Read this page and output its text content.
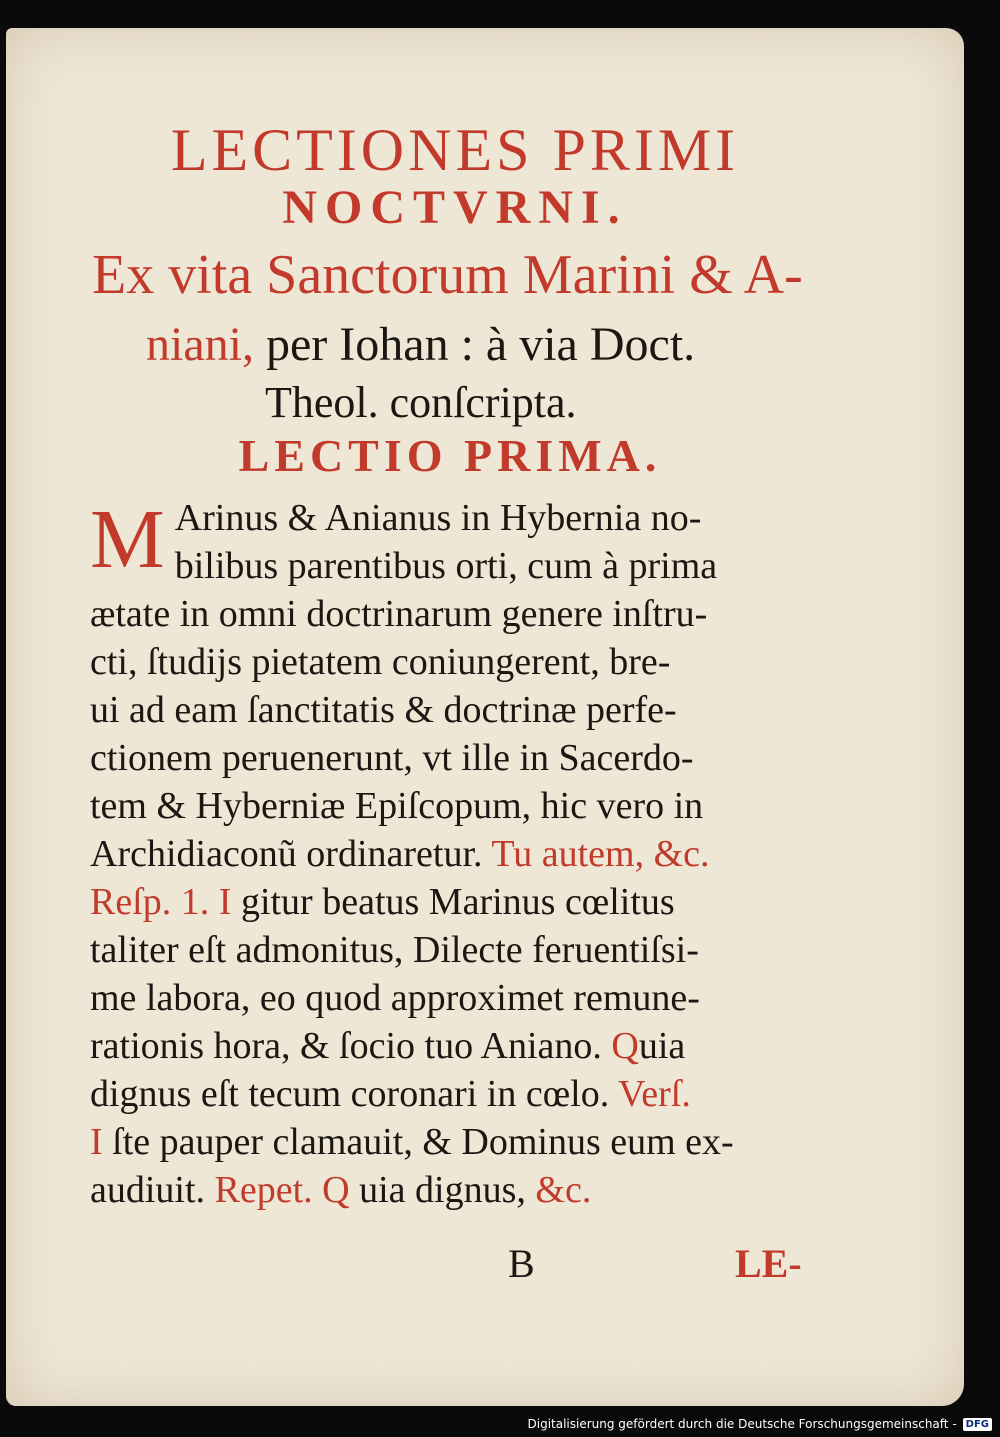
LECTIONES PRIMI
NOCTVRNI.
Ex vita Sanctorum Marini & A-
niani, per Iohan : à via Doct.
Theol. conſcripta.
LECTIO PRIMA.
M Arinus & Anianus in Hybernia no-
bilibus parentibus orti, cum à prima
ætate in omni doctrinarum genere inſtru-
cti, ſtudijs pietatem coniungerent, bre-
ui ad eam ſanctitatis & doctrinæ perfe-
ctionem peruenerunt, vt ille in Sacerdo-
tem & Hyberniæ Epiſcopum, hic vero in
Archidiaconũ ordinaretur. Tu autem, &c.
Reſp. 1. I gitur beatus Marinus cœlitus
taliter eſt admonitus, Dilecte feruentiſsi-
me labora, eo quod approximet remune-
rationis hora, & ſocio tuo Aniano. Quia
dignus eſt tecum coronari in cœlo. Verſ.
I ſte pauper clamauit, & Dominus eum ex-
audiuit. Repet. Q uia dignus, &c.
B	LE-
Digitalisierung gefördert durch die Deutsche Forschungsgemeinschaft - DFG
